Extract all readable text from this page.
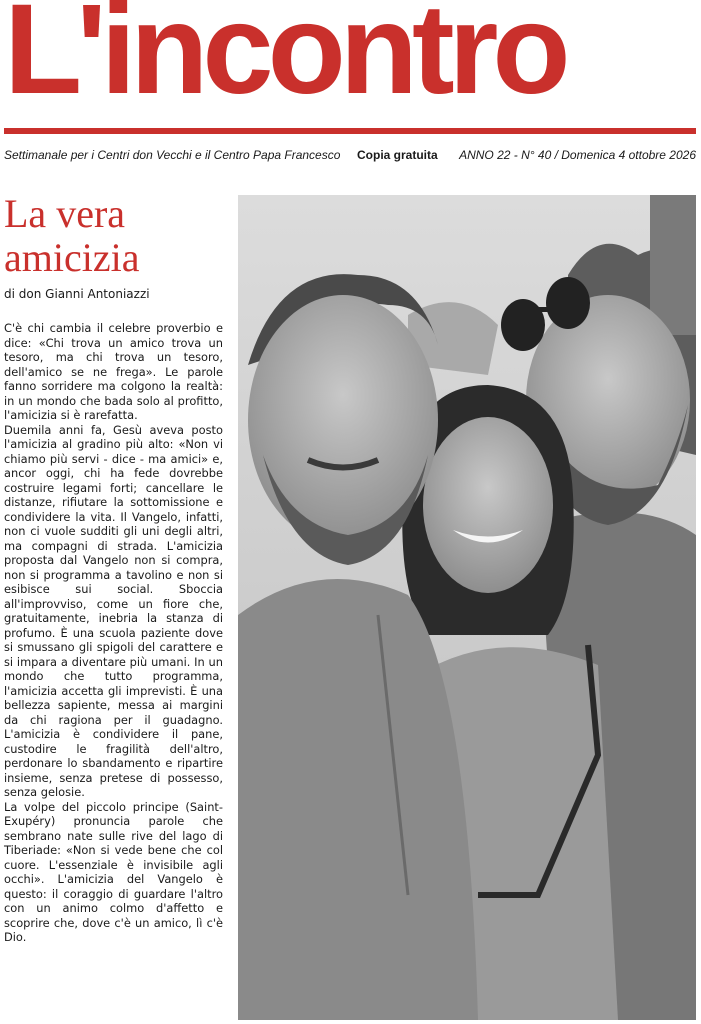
L'incontro
Settimanale per i Centri don Vecchi e il Centro Papa Francesco Copia gratuita ANNO 22 - N° 40 / Domenica 4 ottobre 2026
La vera
amicizia
di don Gianni Antoniazzi

C'è chi cambia il celebre proverbio e dice: «Chi trova un amico trova un tesoro, ma chi trova un tesoro, dell'amico se ne frega». Le parole fanno sorridere ma colgono la realtà: in un mondo che bada solo al profitto, l'amicizia si è rarefatta.

Duemila anni fa, Gesù aveva posto l'amicizia al gradino più alto: «Non vi chiamo più servi - dice - ma amici» e, ancor oggi, chi ha fede dovrebbe costruire legami forti; cancellare le distanze, rifiutare la sottomissione e condividere la vita. Il Vangelo, infatti, non ci vuole sudditi gli uni degli altri, ma compagni di strada. L'amicizia proposta dal Vangelo non si compra, non si programma a tavolino e non si esibisce sui social. Sboccia all'improvviso, come un fiore che, gratuitamente, inebria la stanza di profumo. È una scuola paziente dove si smussano gli spigoli del carattere e si impara a diventare più umani. In un mondo che tutto programma, l'amicizia accetta gli imprevisti. È una bellezza sapiente, messa ai margini da chi ragiona per il guadagno. L'amicizia è condividere il pane, custodire le fragilità dell'altro, perdonare lo sbandamento e ripartire insieme, senza pretese di possesso, senza gelosie.

La volpe del piccolo principe (Saint-Exupéry) pronuncia parole che sembrano nate sulle rive del lago di Tiberiade: «Non si vede bene che col cuore. L'essenziale è invisibile agli occhi». L'amicizia del Vangelo è questo: il coraggio di guardare l'altro con un animo colmo d'affetto e scoprire che, dove c'è un amico, lì c'è Dio.
